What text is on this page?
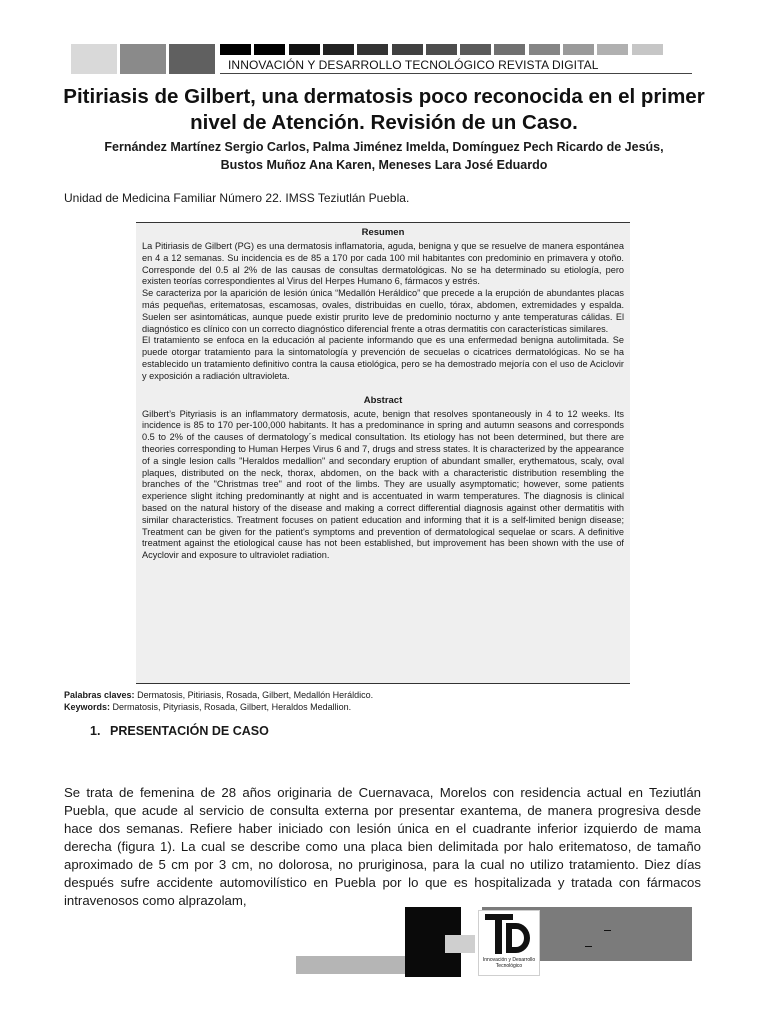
INNOVACIÓN Y DESARROLLO TECNOLÓGICO REVISTA DIGITAL
Pitiriasis de Gilbert, una dermatosis poco reconocida en el primer nivel de Atención. Revisión de un Caso.
Fernández Martínez Sergio Carlos, Palma Jiménez Imelda, Domínguez Pech Ricardo de Jesús,
Bustos Muñoz Ana Karen, Meneses Lara José Eduardo

Unidad de Medicina Familiar Número 22. IMSS Teziutlán Puebla.

Resumen

La Pitiriasis de Gilbert (PG) es una dermatosis inflamatoria, aguda, benigna y que se resuelve de manera espontánea en 4 a 12 semanas. Su incidencia es de 85 a 170 por cada 100 mil habitantes con predominio en primavera y otoño. Corresponde del 0.5 al 2% de las causas de consultas dermatológicas. No se ha determinado su etiología, pero existen teorías correspondientes al Virus del Herpes Humano 6, fármacos y estrés.

Se caracteriza por la aparición de lesión única “Medallón Heráldico” que precede a la erupción de abundantes placas más pequeñas, eritematosas, escamosas, ovales, distribuidas en cuello, tórax, abdomen, extremidades y espalda. Suelen ser asintomáticas, aunque puede existir prurito leve de predominio nocturno y ante temperaturas cálidas. El diagnóstico es clínico con un correcto diagnóstico diferencial frente a otras dermatitis con características similares.

El tratamiento se enfoca en la educación al paciente informando que es una enfermedad benigna autolimitada. Se puede otorgar tratamiento para la sintomatología y prevención de secuelas o cicatrices dermatológicas. No se ha establecido un tratamiento definitivo contra la causa etiológica, pero se ha demostrado mejoría con el uso de Aciclovir y exposición a radiación ultravioleta.

Abstract

Gilbert’s Pityriasis is an inflammatory dermatosis, acute, benign that resolves spontaneously in 4 to 12 weeks. Its incidence is 85 to 170 per-100,000 habitants. It has a predominance in spring and autumn seasons and corresponds 0.5 to 2% of the causes of dermatology´s medical consultation. Its etiology has not been determined, but there are theories corresponding to Human Herpes Virus 6 and 7, drugs and stress states. It is characterized by the appearance of a single lesion calls "Heraldos medallion" and secondary eruption of abundant smaller, erythematous, scaly, oval plaques, distributed on the neck, thorax, abdomen, on the back with a characteristic distribution resembling the branches of the "Christmas tree" and root of the limbs. They are usually asymptomatic; however, some patients experience slight itching predominantly at night and is accentuated in warm temperatures. The diagnosis is clinical based on the natural history of the disease and making a correct differential diagnosis against other dermatitis with similar characteristics. Treatment focuses on patient education and informing that it is a self-limited benign disease; Treatment can be given for the patient's symptoms and prevention of dermatological sequelae or scars. A definitive treatment against the etiological cause has not been established, but improvement has been shown with the use of Acyclovir and exposure to ultraviolet radiation.

Palabras claves: Dermatosis, Pitiriasis, Rosada, Gilbert, Medallón Heráldico.
Keywords: Dermatosis, Pityriasis, Rosada, Gilbert, Heraldos Medallion.
1. PRESENTACIÓN DE CASO

Se trata de femenina de 28 años originaria de Cuernavaca, Morelos con residencia actual en Teziutlán Puebla, que acude al servicio de consulta externa por presentar exantema, de manera progresiva desde hace dos semanas. Refiere haber iniciado con lesión única en el cuadrante inferior izquierdo de mama derecha (figura 1). La cual se describe como una placa bien delimitada por halo eritematoso, de tamaño aproximado de 5 cm por 3 cm, no dolorosa, no pruriginosa, para la cual no utilizo tratamiento. Diez días después sufre accidente automovilístico en Puebla por lo que es hospitalizada y tratada con fármacos intravenosos como alprazolam,

Innovación y Desarrollo Tecnológico
